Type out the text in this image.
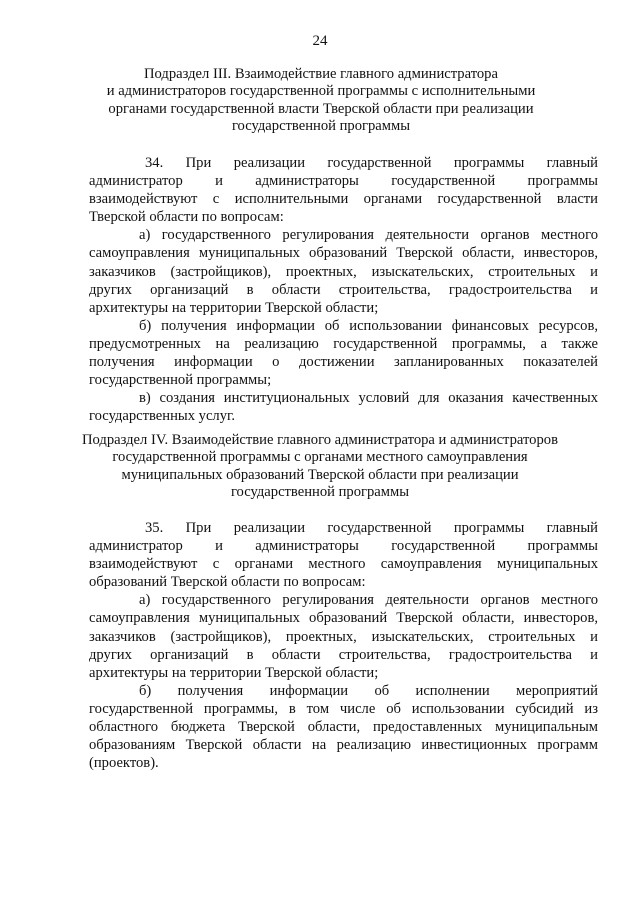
24
Подраздел III. Взаимодействие главного администратора
и администраторов государственной программы с исполнительными
органами государственной власти Тверской области при реализации
государственной программы
34. При реализации государственной программы главный
администратор и администраторы государственной программы
взаимодействуют с исполнительными органами государственной власти
Тверской области по вопросам:
а) государственного регулирования деятельности органов местного
самоуправления муниципальных образований Тверской области, инвесторов,
заказчиков (застройщиков), проектных, изыскательских, строительных и
других организаций в области строительства, градостроительства и
архитектуры на территории Тверской области;
б) получения информации об использовании финансовых ресурсов,
предусмотренных на реализацию государственной программы, а также
получения информации о достижении запланированных показателей
государственной программы;
в) создания институциональных условий для оказания качественных
государственных услуг.
Подраздел IV. Взаимодействие главного администратора и администраторов
государственной программы с органами местного самоуправления
муниципальных образований Тверской области при реализации
государственной программы
35. При реализации государственной программы главный
администратор и администраторы государственной программы
взаимодействуют с органами местного самоуправления муниципальных
образований Тверской области по вопросам:
а) государственного регулирования деятельности органов местного
самоуправления муниципальных образований Тверской области, инвесторов,
заказчиков (застройщиков), проектных, изыскательских, строительных и
других организаций в области строительства, градостроительства и
архитектуры на территории Тверской области;
б) получения информации об исполнении мероприятий
государственной программы, в том числе об использовании субсидий из
областного бюджета Тверской области, предоставленных муниципальным
образованиям Тверской области на реализацию инвестиционных программ
(проектов).
